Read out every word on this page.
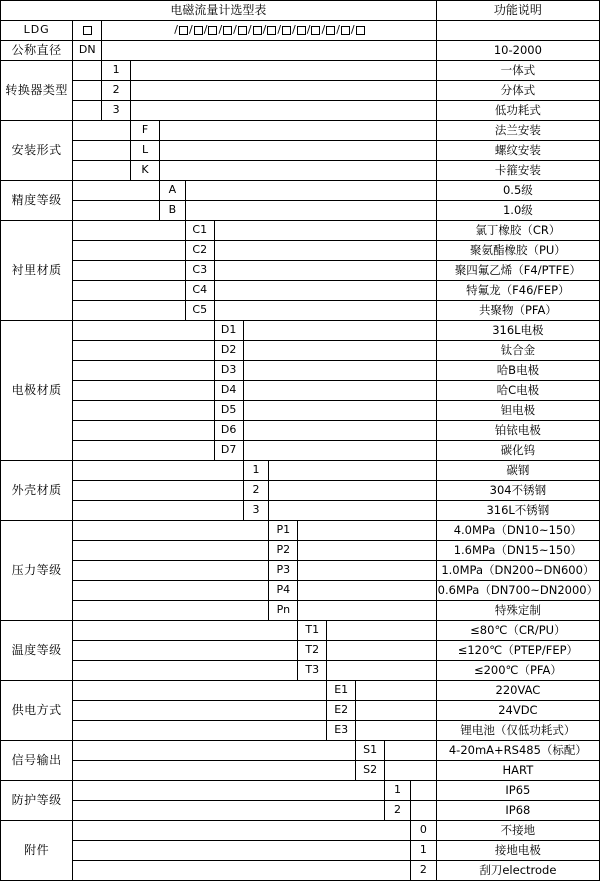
电磁流量计选型表														功能说明
LDG		/ / / / / / / / / / / / /												
公称直径	DN													10-2000
转换器类型		1												一体式
		2												分体式
		3												低功耗式
安装形式			F											法兰安装
			L											螺纹安装
			K											卡箍安装
精度等级				A										0.5级
				B										1.0级
衬里材质					C1									氯丁橡胶（CR）
					C2									聚氨酯橡胶（PU）
					C3									聚四氟乙烯（F4/PTFE）
					C4									特氟龙（F46/FEP）
					C5									共聚物（PFA）
电极材质						D1								316L电极
						D2								钛合金
						D3								哈B电极
						D4								哈C电极
						D5								钽电极
						D6								铂铱电极
						D7								碳化钨
外壳材质							1							碳钢
							2							304不锈钢
							3							316L不锈钢
压力等级								P1						4.0MPa（DN10~150）
								P2						1.6MPa（DN15~150）
								P3						1.0MPa（DN200~DN600）
								P4						0.6MPa（DN700~DN2000）
								Pn						特殊定制
温度等级									T1					≤80℃（CR/PU）
									T2					≤120℃（PTEP/FEP）
									T3					≤200℃（PFA）
供电方式										E1				220VAC
										E2				24VDC
										E3				锂电池（仅低功耗式）
信号输出											S1			4-20mA+RS485（标配）
											S2			HART
防护等级												1		IP65
												2		IP68
附件													0	不接地
													1	接地电极
													2	刮刀electrode
